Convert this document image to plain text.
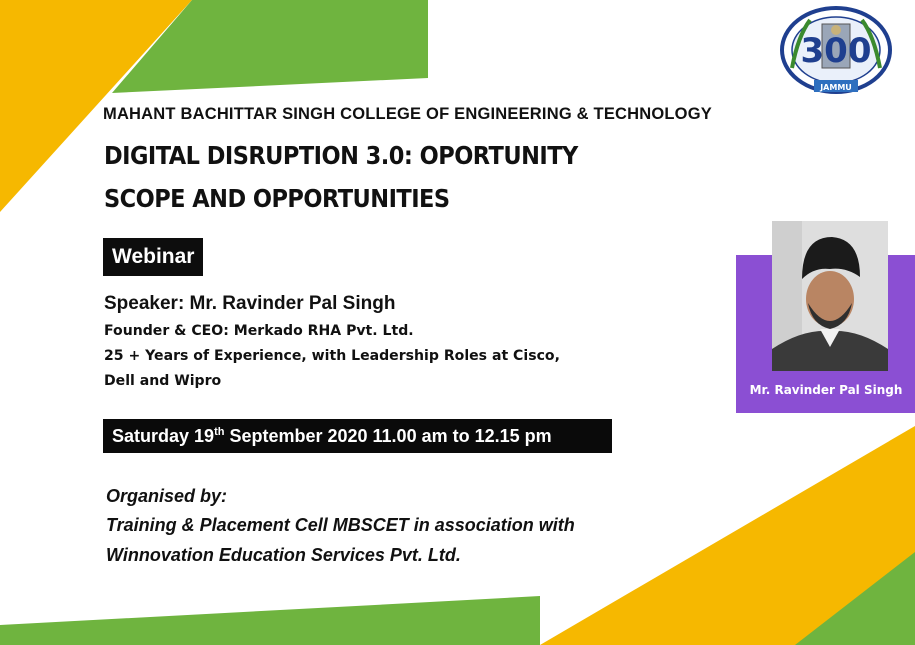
300
JAMMU
MAHANT BACHITTAR SINGH COLLEGE OF ENGINEERING & TECHNOLOGY
DIGITAL DISRUPTION 3.0: OPORTUNITY
SCOPE AND OPPORTUNITIES
Webinar
Speaker: Mr. Ravinder Pal Singh
Founder & CEO: Merkado RHA Pvt. Ltd.
25 + Years of Experience, with Leadership Roles at Cisco,
Dell and Wipro
Saturday 19th September 2020 11.00 am to 12.15 pm
Organised by:
Training & Placement Cell MBSCET in association with
Winnovation Education Services Pvt. Ltd.
Mr. Ravinder Pal Singh
